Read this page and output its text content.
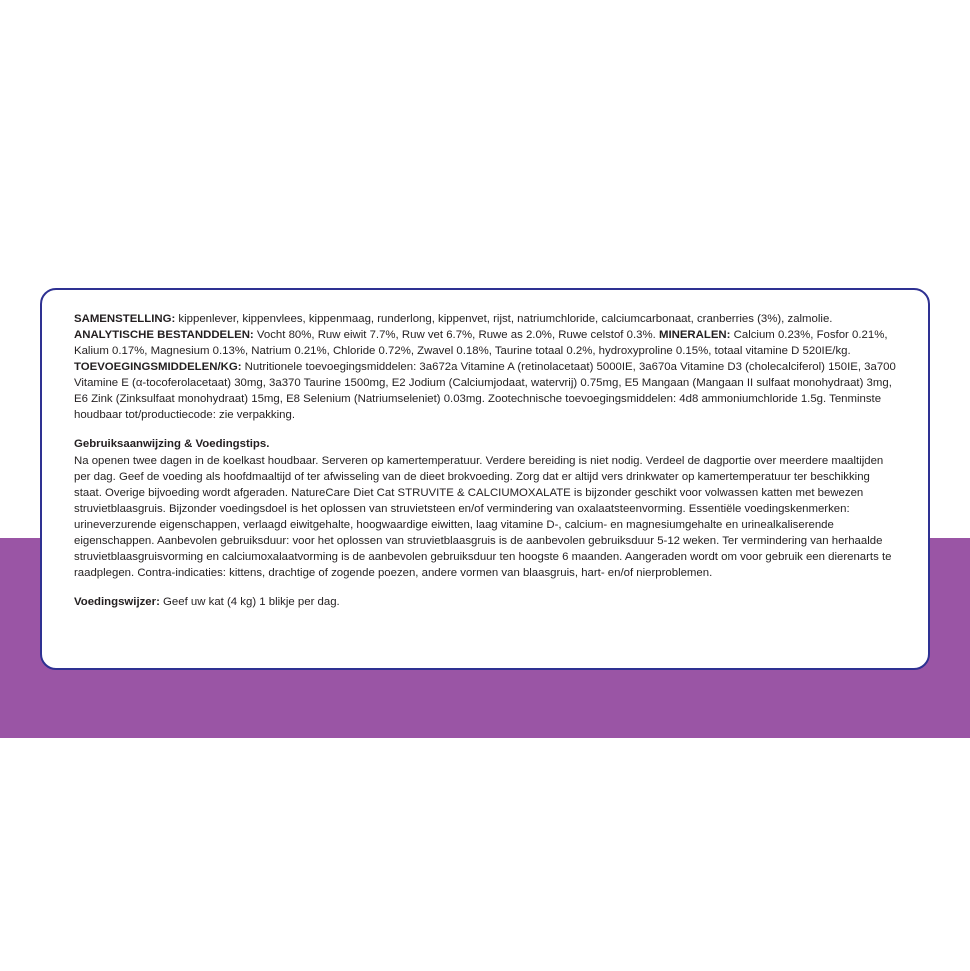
SAMENSTELLING: kippenlever, kippenvlees, kippenmaag, runderlong, kippenvet, rijst, natriumchloride, calciumcarbonaat, cranberries (3%), zalmolie. ANALYTISCHE BESTANDDELEN: Vocht 80%, Ruw eiwit 7.7%, Ruw vet 6.7%, Ruwe as 2.0%, Ruwe celstof 0.3%. MINERALEN: Calcium 0.23%, Fosfor 0.21%, Kalium 0.17%, Magnesium 0.13%, Natrium 0.21%, Chloride 0.72%, Zwavel 0.18%, Taurine totaal 0.2%, hydroxyproline 0.15%, totaal vitamine D 520IE/kg. TOEVOEGINGSMIDDELEN/KG: Nutritionele toevoegingsmiddelen: 3a672a Vitamine A (retinolacetaat) 5000IE, 3a670a Vitamine D3 (cholecalciferol) 150IE, 3a700 Vitamine E (α-tocoferolacetaat) 30mg, 3a370 Taurine 1500mg, E2 Jodium (Calciumjodaat, watervrij) 0.75mg, E5 Mangaan (Mangaan II sulfaat monohydraat) 3mg, E6 Zink (Zinksulfaat monohydraat) 15mg, E8 Selenium (Natriumseleniet) 0.03mg. Zootechnische toevoegingsmiddelen: 4d8 ammoniumchloride 1.5g. Tenminste houdbaar tot/productiecode: zie verpakking.
Gebruiksaanwijzing & Voedingstips.
Na openen twee dagen in de koelkast houdbaar. Serveren op kamertemperatuur. Verdere bereiding is niet nodig. Verdeel de dagportie over meerdere maaltijden per dag. Geef de voeding als hoofdmaaltijd of ter afwisseling van de dieet brokvoeding. Zorg dat er altijd vers drinkwater op kamertemperatuur ter beschikking staat. Overige bijvoeding wordt afgeraden. NatureCare Diet Cat STRUVITE & CALCIUMOXALATE is bijzonder geschikt voor volwassen katten met bewezen struvietblaasgruis. Bijzonder voedingsdoel is het oplossen van struvietsteen en/of vermindering van oxalaatsteenvorming. Essentiële voedingskenmerken: urineverzurende eigenschappen, verlaagd eiwitgehalte, hoogwaardige eiwitten, laag vitamine D-, calcium- en magnesiumgehalte en urinealkaliserende eigenschappen. Aanbevolen gebruiksduur: voor het oplossen van struvietblaasgruis is de aanbevolen gebruiksduur 5-12 weken. Ter vermindering van herhaalde struvietblaasgruisvorming en calciumoxalaatvorming is de aanbevolen gebruiksduur ten hoogste 6 maanden. Aangeraden wordt om voor gebruik een dierenarts te raadplegen. Contra-indicaties: kittens, drachtige of zogende poezen, andere vormen van blaasgruis, hart- en/of nierproblemen.
Voedingswijzer: Geef uw kat (4 kg) 1 blikje per dag.
